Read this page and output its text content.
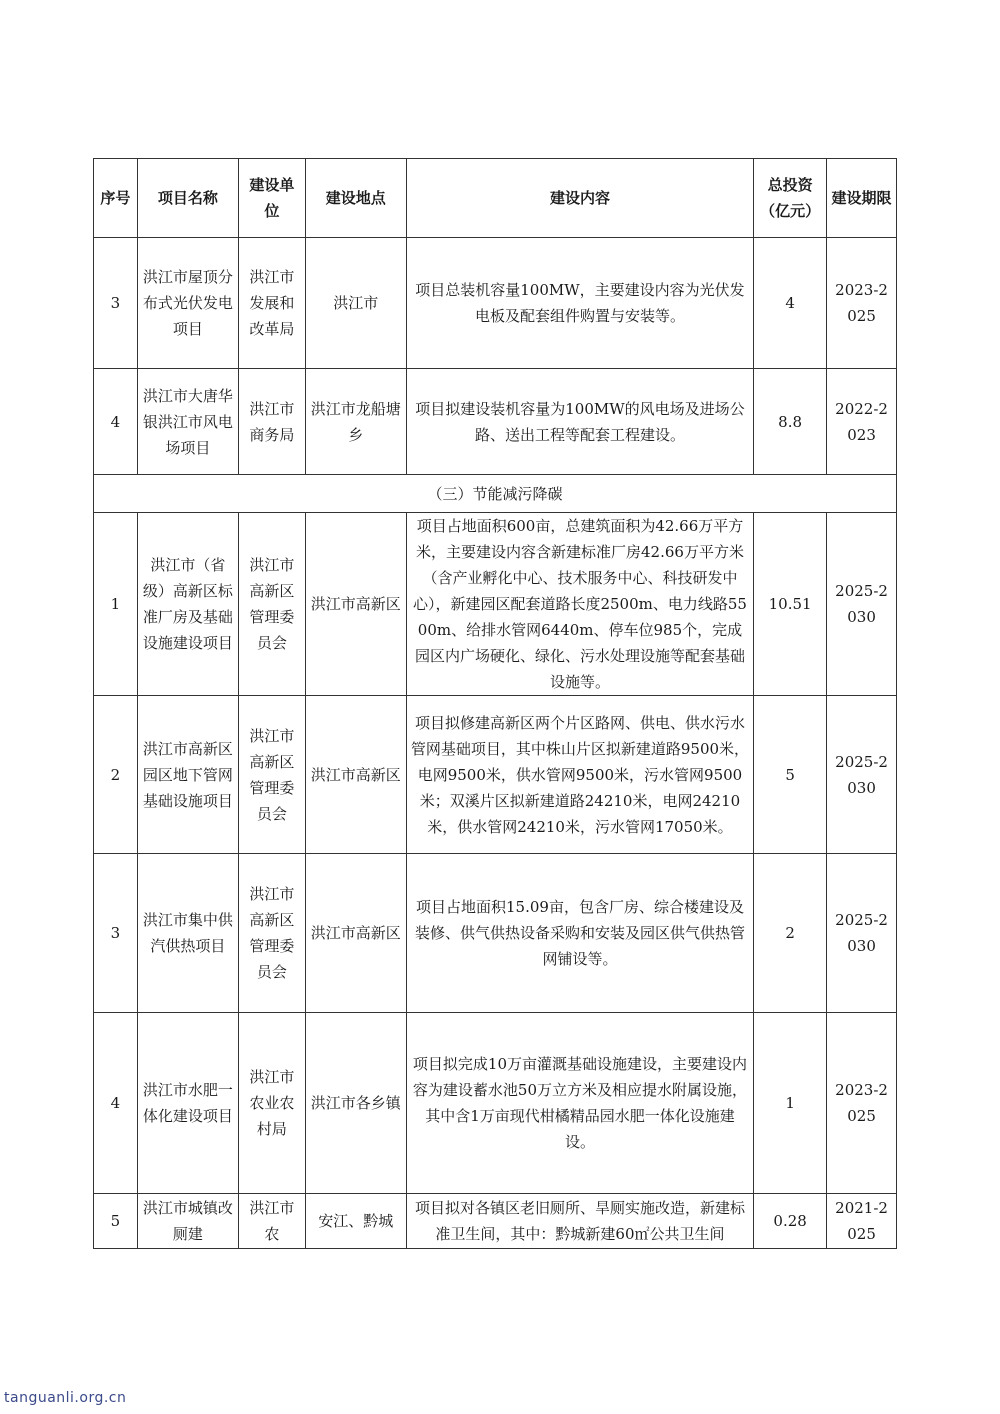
序号	项目名称	建设单位	建设地点	建设内容	总投资（亿元）	建设期限
3	洪江市屋顶分布式光伏发电项目	洪江市发展和改革局	洪江市	项目总装机容量100MW，主要建设内容为光伏发电板及配套组件购置与安装等。	4	2023-2025
4	洪江市大唐华银洪江市风电场项目	洪江市商务局	洪江市龙船塘乡	项目拟建设装机容量为100MW的风电场及进场公路、送出工程等配套工程建设。	8.8	2022-2023
（三）节能减污降碳						
1	洪江市（省级）高新区标准厂房及基础设施建设项目	洪江市高新区管理委员会	洪江市高新区	项目占地面积600亩，总建筑面积为42.66万平方米，主要建设内容含新建标准厂房42.66万平方米（含产业孵化中心、技术服务中心、科技研发中心），新建园区配套道路长度2500m、电力线路5500m、给排水管网6440m、停车位985个，完成园区内广场硬化、绿化、污水处理设施等配套基础设施等。	10.51	2025-2030
2	洪江市高新区园区地下管网基础设施项目	洪江市高新区管理委员会	洪江市高新区	项目拟修建高新区两个片区路网、供电、供水污水管网基础项目，其中株山片区拟新建道路9500米，电网9500米，供水管网9500米，污水管网9500米；双溪片区拟新建道路24210米，电网24210米，供水管网24210米，污水管网17050米。	5	2025-2030
3	洪江市集中供汽供热项目	洪江市高新区管理委员会	洪江市高新区	项目占地面积15.09亩，包含厂房、综合楼建设及装修、供气供热设备采购和安装及园区供气供热管网铺设等。	2	2025-2030
4	洪江市水肥一体化建设项目	洪江市农业农村局	洪江市各乡镇	项目拟完成10万亩灌溉基础设施建设，主要建设内容为建设蓄水池50万立方米及相应提水附属设施，其中含1万亩现代柑橘精品园水肥一体化设施建设。	1	2023-2025
5	洪江市城镇改厕建	洪江市农	安江、黔城	项目拟对各镇区老旧厕所、旱厕实施改造，新建标准卫生间，其中：黔城新建60㎡公共卫生间	0.28	2021-2025
tanguanli.org.cn
